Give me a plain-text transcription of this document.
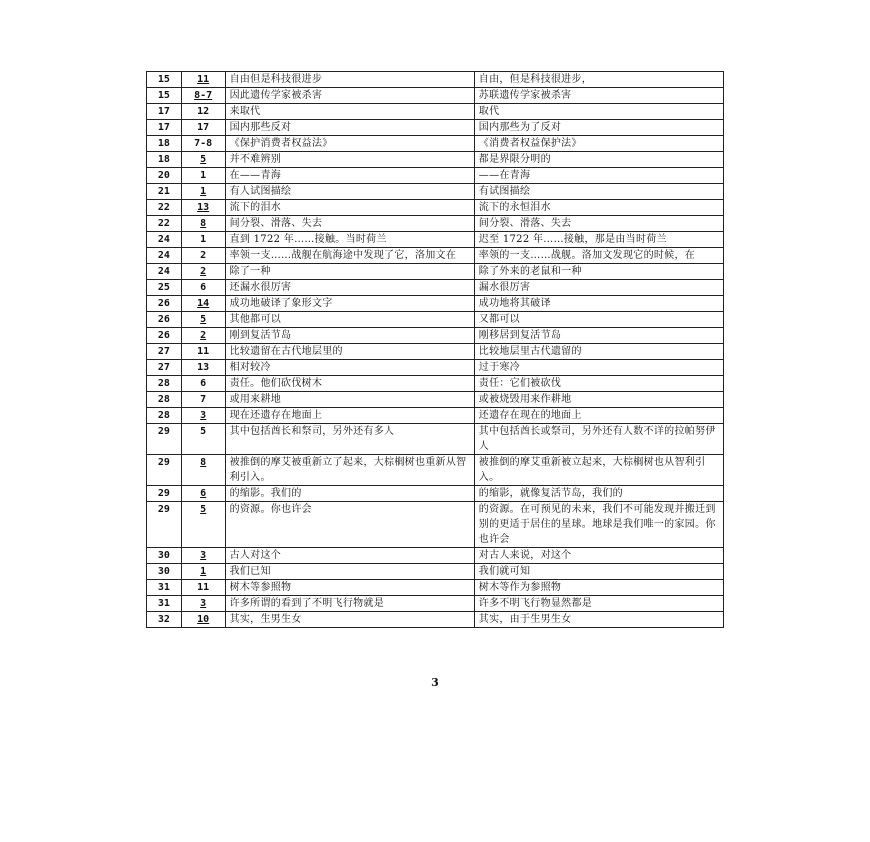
15	11	自由但是科技很进步	自由，但是科技很进步，
15	8-7	因此遗传学家被杀害	苏联遗传学家被杀害
17	12	来取代	取代
17	17	国内那些反对	国内那些为了反对
18	7-8	《保护消费者权益法》	《消费者权益保护法》
18	5	并不难辨别	都是界限分明的
20	1	在——青海	——在青海
21	1	有人试图描绘	有试图描绘
22	13	流下的泪水	流下的永恒泪水
22	8	间分裂、滑落、失去	间分裂、滑落、失去
24	1	直到 1722 年……接触。当时荷兰	迟至 1722 年……接触，那是由当时荷兰
24	2	率领一支……战舰在航海途中发现了它，洛加文在	率领的一支……战舰。洛加文发现它的时候，在
24	2	除了一种	除了外来的老鼠和一种
25	6	还漏水很厉害	漏水很厉害
26	14	成功地破译了象形文字	成功地将其破译
26	5	其他都可以	又都可以
26	2	刚到复活节岛	刚移居到复活节岛
27	11	比较遗留在古代地层里的	比较地层里古代遗留的
27	13	相对较冷	过于寒冷
28	6	责任。他们砍伐树木	责任：它们被砍伐
28	7	或用来耕地	或被烧毁用来作耕地
28	3	现在还遗存在地面上	还遗存在现在的地面上
29	5	其中包括酋长和祭司，另外还有多人	其中包括酋长或祭司，另外还有人数不详的拉帕努伊人
29	8	被推倒的摩艾被重新立了起来，大棕榈树也重新从智利引入。	被推倒的摩艾重新被立起来，大棕榈树也从智利引入。
29	6	的缩影。我们的	的缩影，就像复活节岛，我们的
29	5	的资源。你也许会	的资源。在可预见的未来，我们不可能发现并搬迁到别的更适于居住的星球。地球是我们唯一的家园。你也许会
30	3	古人对这个	对古人来说，对这个
30	1	我们已知	我们就可知
31	11	树木等参照物	树木等作为参照物
31	3	许多所谓的看到了不明飞行物就是	许多不明飞行物显然都是
32	10	其实，生男生女	其实，由于生男生女
3
